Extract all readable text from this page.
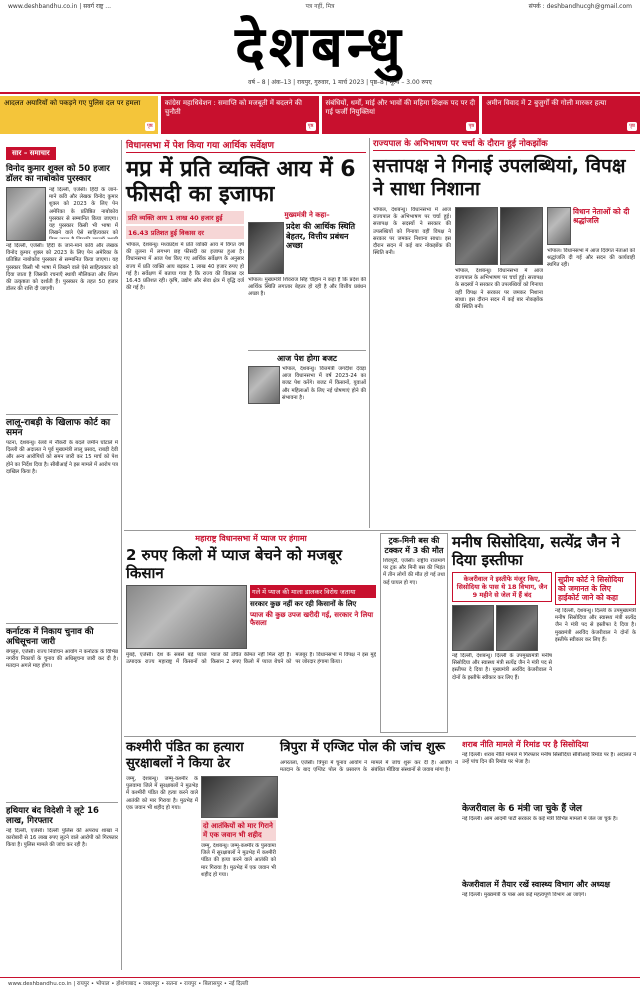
www.deshbandhu.co.in | सवर्ग राष्ट्र ...	पत्र नहीं, मित्र	संपर्क : deshbandhucgh@gmail.com
देशबन्धु
वर्ष – 8 | अंक–13 | रायपुर, गुरुवार, 1 मार्च 2023 | पृष्ठ–8 | मूल्य – 3.00 रुपए
आदलत अयारियों को पकड़ने गए पुलिस दल पर हमला
पृष्ठ
कांग्रेस महाधिवेशन : समाप्ति को मजबूती में बदलने की चुनौती
पृष्ठ
संबंधियों, धर्मों, मांई और भावों की महिमा शिक्षक पद पर दी गई फर्जी नियुक्तियां
पृष्ठ
अमीन विवाद में 2 बुजुर्गों की गोली मारकर हत्या
पृष्ठ
सार – समाचार
विनोद कुमार शुक्ल को 50 हजार डॉलर का नाबोकोव पुरस्कार
नई दिल्ली, एजेंसी। हिंदी के जाने-माने कवि और लेखक विनोद कुमार शुक्ल को 2023 के लिए पेन अमेरिका के प्रतिष्ठित नाबोकोव पुरस्कार से सम्मानित किया जाएगा। यह पुरस्कार किसी भी भाषा में लिखने वाले ऐसे साहित्यकार को
नई दिल्ली, एजेंसी। हिंदी के जाने-माने कवि और लेखक विनोद कुमार शुक्ल को 2023 के लिए पेन अमेरिका के प्रतिष्ठित नाबोकोव पुरस्कार से सम्मानित किया जाएगा। यह पुरस्कार किसी भी भाषा में लिखने वाले ऐसे साहित्यकार को दिया जाता है जिसकी रचनाएँ स्थायी मौलिकता और शिल्प की उत्कृष्टता को दर्शाती हैं। पुरस्कार के तहत 50 हजार डॉलर की राशि दी जाएगी।
लालू-राबड़ी के खिलाफ कोर्ट का समन
पटना, देशबन्धु। रेलवे में नौकरी के बदले जमीन घोटाले में दिल्ली की अदालत ने पूर्व मुख्यमंत्री लालू प्रसाद, राबड़ी देवी और अन्य आरोपियों को समन जारी कर 15 मार्च को पेश होने का निर्देश दिया है। सीबीआई ने इस मामले में आरोप पत्र दाखिल किया है।
कर्नाटक में निकाय चुनाव की अधिसूचना जारी
बेंगलुरु, एजेंसी। राज्य निर्वाचन आयोग ने कर्नाटक के विभिन्न नगरीय निकायों के चुनाव की अधिसूचना जारी कर दी है। मतदान अगले माह होगा।
हथियार बंद विदेशी ने लूटे 16 लाख, गिरफ्तार
नई दिल्ली, एजेंसी। दिल्ली पुलिस की अपराध शाखा ने कारोबारी से 16 लाख रुपए लूटने वाले आरोपी को गिरफ्तार किया है। पुलिस मामले की जांच कर रही है।
विधानसभा में पेश किया गया आर्थिक सर्वेक्षण
मप्र में प्रति व्यक्ति आय में 6 फीसदी का इजाफा
प्रति व्यक्ति आय 1 लाख 40 हजार हुई
16.43 प्रतिशत हुई विकास दर
भोपाल, देशबन्धु। मध्यप्रदेश में प्रति व्यक्ति आय में विगत वर्ष की तुलना में लगभग छह फीसदी का इजाफा हुआ है। विधानसभा में आज पेश किए गए आर्थिक सर्वेक्षण के अनुसार राज्य में प्रति व्यक्ति आय बढ़कर 1 लाख 40 हजार रुपए हो गई है। सर्वेक्षण में बताया गया है कि राज्य की विकास दर 16.43 प्रतिशत रही। कृषि, उद्योग और सेवा क्षेत्र में वृद्धि दर्ज की गई है।
मुख्यमंत्री ने कहा–
प्रदेश की आर्थिक स्थिति बेहतर, वित्तीय प्रबंधन अच्छा
भोपाल। मुख्यमंत्री शिवराज सिंह चौहान ने कहा है कि प्रदेश की आर्थिक स्थिति लगातार बेहतर हो रही है और वित्तीय प्रबंधन अच्छा है।
आज पेश होगा बजट
भोपाल, देशबन्धु। वित्तमंत्री जगदीश देवड़ा आज विधानसभा में वर्ष 2023-24 का बजट पेश करेंगे। बजट में किसानों, युवाओं और महिलाओं के लिए नई घोषणाएं होने की संभावना है।
राज्यपाल के अभिभाषण पर चर्चा के दौरान हुई नोकझोंक
सत्तापक्ष ने गिनाई उपलब्धियां, विपक्ष ने साधा निशाना
भोपाल, देशबन्धु। विधानसभा में आज राज्यपाल के अभिभाषण पर चर्चा हुई। सत्तापक्ष के सदस्यों ने सरकार की उपलब्धियों को गिनाया वहीं विपक्ष ने सरकार पर जमकर निशाना साधा। इस दौरान सदन में कई बार नोकझोंक की स्थिति बनी।
भोपाल, देशबन्धु। विधानसभा में आज राज्यपाल के अभिभाषण पर चर्चा हुई। सत्तापक्ष के सदस्यों ने सरकार की उपलब्धियों को गिनाया वहीं विपक्ष ने सरकार पर जमकर निशाना साधा। इस दौरान सदन में कई बार नोकझोंक की स्थिति बनी।
विधान नेताओं को दी श्रद्धांजलि
भोपाल। विधानसभा में आज दिवंगत नेताओं को श्रद्धांजलि दी गई और सदन की कार्यवाही स्थगित रही।
महाराष्ट्र विधानसभा में प्याज पर हंगामा
2 रुपए किलो में प्याज बेचने को मजबूर किसान
गले में प्याज की माला डालकर विरोध जताया
सरकार कुछ नहीं कर रही किसानों के लिए
प्याज की कुछ उपज खरीदी गई, सरकार ने लिया फैसला
मुंबई, एजेंसी। देश के सबसे बड़े प्याज उत्पादक राज्य महाराष्ट्र में किसानों को प्याज की उचित कीमत नहीं मिल रही है। किसान 2 रुपए किलो में प्याज बेचने को मजबूर हैं। विधानसभा में विपक्ष ने इस मुद्दे पर जोरदार हंगामा किया।
ट्रक-मिनी बस की टक्कर में 3 की मौत
शिवपुरी, एजेंसी। राष्ट्रीय राजमार्ग पर ट्रक और मिनी बस की भिड़ंत में तीन लोगों की मौत हो गई तथा कई घायल हो गए।
मनीष सिसोदिया, सत्येंद्र जैन ने दिया इस्तीफा
केजरीवाल ने इस्तीफे मंजूर किए, सिसोदिया के पास थे 18 विभाग, जैन 9 महीने से जेल में हैं बंद
नई दिल्ली, देशबन्धु। दिल्ली के उपमुख्यमंत्री मनीष सिसोदिया और स्वास्थ्य मंत्री सत्येंद्र जैन ने मंत्री पद से इस्तीफा दे दिया है। मुख्यमंत्री अरविंद केजरीवाल ने दोनों के इस्तीफे स्वीकार कर लिए हैं।
सुप्रीम कोर्ट ने सिसोदिया को जमानत के लिए हाईकोर्ट जाने को कहा
नई दिल्ली, देशबन्धु। दिल्ली के उपमुख्यमंत्री मनीष सिसोदिया और स्वास्थ्य मंत्री सत्येंद्र जैन ने मंत्री पद से इस्तीफा दे दिया है। मुख्यमंत्री अरविंद केजरीवाल ने दोनों के इस्तीफे स्वीकार कर लिए हैं।
कश्मीरी पंडित का हत्यारा सुरक्षाबलों ने किया ढेर
जम्मू, देशबन्धु। जम्मू-कश्मीर के पुलवामा जिले में सुरक्षाबलों ने मुठभेड़ में कश्मीरी पंडित की हत्या करने वाले आतंकी को मार गिराया है। मुठभेड़ में एक जवान भी शहीद हो गया।
दो आतंकियों को मार गिराने में एक जवान भी शहीद
जम्मू, देशबन्धु। जम्मू-कश्मीर के पुलवामा जिले में सुरक्षाबलों ने मुठभेड़ में कश्मीरी पंडित की हत्या करने वाले आतंकी को मार गिराया है। मुठभेड़ में एक जवान भी शहीद हो गया।
त्रिपुरा में एग्जिट पोल की जांच शुरू
अगरतला, एजेंसी। त्रिपुरा में चुनाव आयोग ने मतदान के बाद एग्जिट पोल के प्रसारण के मामले में जांच शुरू कर दी है। आयोग ने संबंधित मीडिया संस्थानों से जवाब मांगा है।
शराब नीति मामले में रिमांड पर है सिसोदिया
नई दिल्ली। शराब नीति मामले में गिरफ्तार मनीष सिसोदिया सीबीआई रिमांड पर हैं। अदालत ने उन्हें पांच दिन की रिमांड पर भेजा है।
केजरीवाल के 6 मंत्री जा चुके हैं जेल
नई दिल्ली। आम आदमी पार्टी सरकार के कई मंत्री विभिन्न मामलों में जेल जा चुके हैं।
केजरीवाल में तैयार रखें स्वास्थ्य विभाग और अध्यक्ष
नई दिल्ली। मुख्यमंत्री के पास अब कई महत्वपूर्ण विभाग आ जाएंगे।
www.deshbandhu.co.in | रायपुर • भोपाल • होशंगाबाद • जबलपुर • सतना • रायपुर • बिलासपुर • नई दिल्ली
